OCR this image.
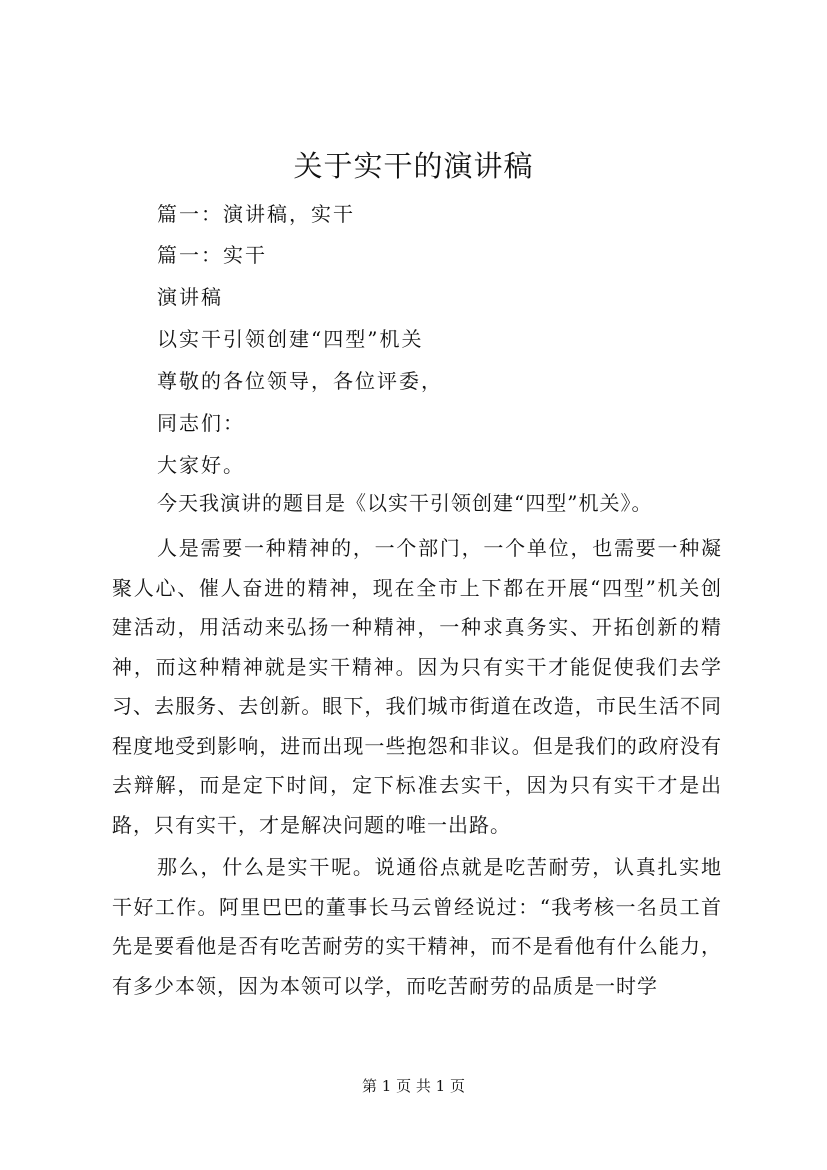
关于实干的演讲稿
篇一：演讲稿，实干
篇一：实干
演讲稿
以实干引领创建“四型”机关
尊敬的各位领导，各位评委，
同志们：
大家好。
今天我演讲的题目是《以实干引领创建“四型”机关》。
人是需要一种精神的，一个部门，一个单位，也需要一种凝聚人心、催人奋进的精神，现在全市上下都在开展“四型”机关创建活动，用活动来弘扬一种精神，一种求真务实、开拓创新的精神，而这种精神就是实干精神。因为只有实干才能促使我们去学习、去服务、去创新。眼下，我们城市街道在改造，市民生活不同程度地受到影响，进而出现一些抱怨和非议。但是我们的政府没有去辩解，而是定下时间，定下标准去实干，因为只有实干才是出路，只有实干，才是解决问题的唯一出路。
那么，什么是实干呢。说通俗点就是吃苦耐劳，认真扎实地干好工作。阿里巴巴的董事长马云曾经说过：“我考核一名员工首先是要看他是否有吃苦耐劳的实干精神，而不是看他有什么能力，有多少本领，因为本领可以学，而吃苦耐劳的品质是一时学
第 1 页 共 1 页
